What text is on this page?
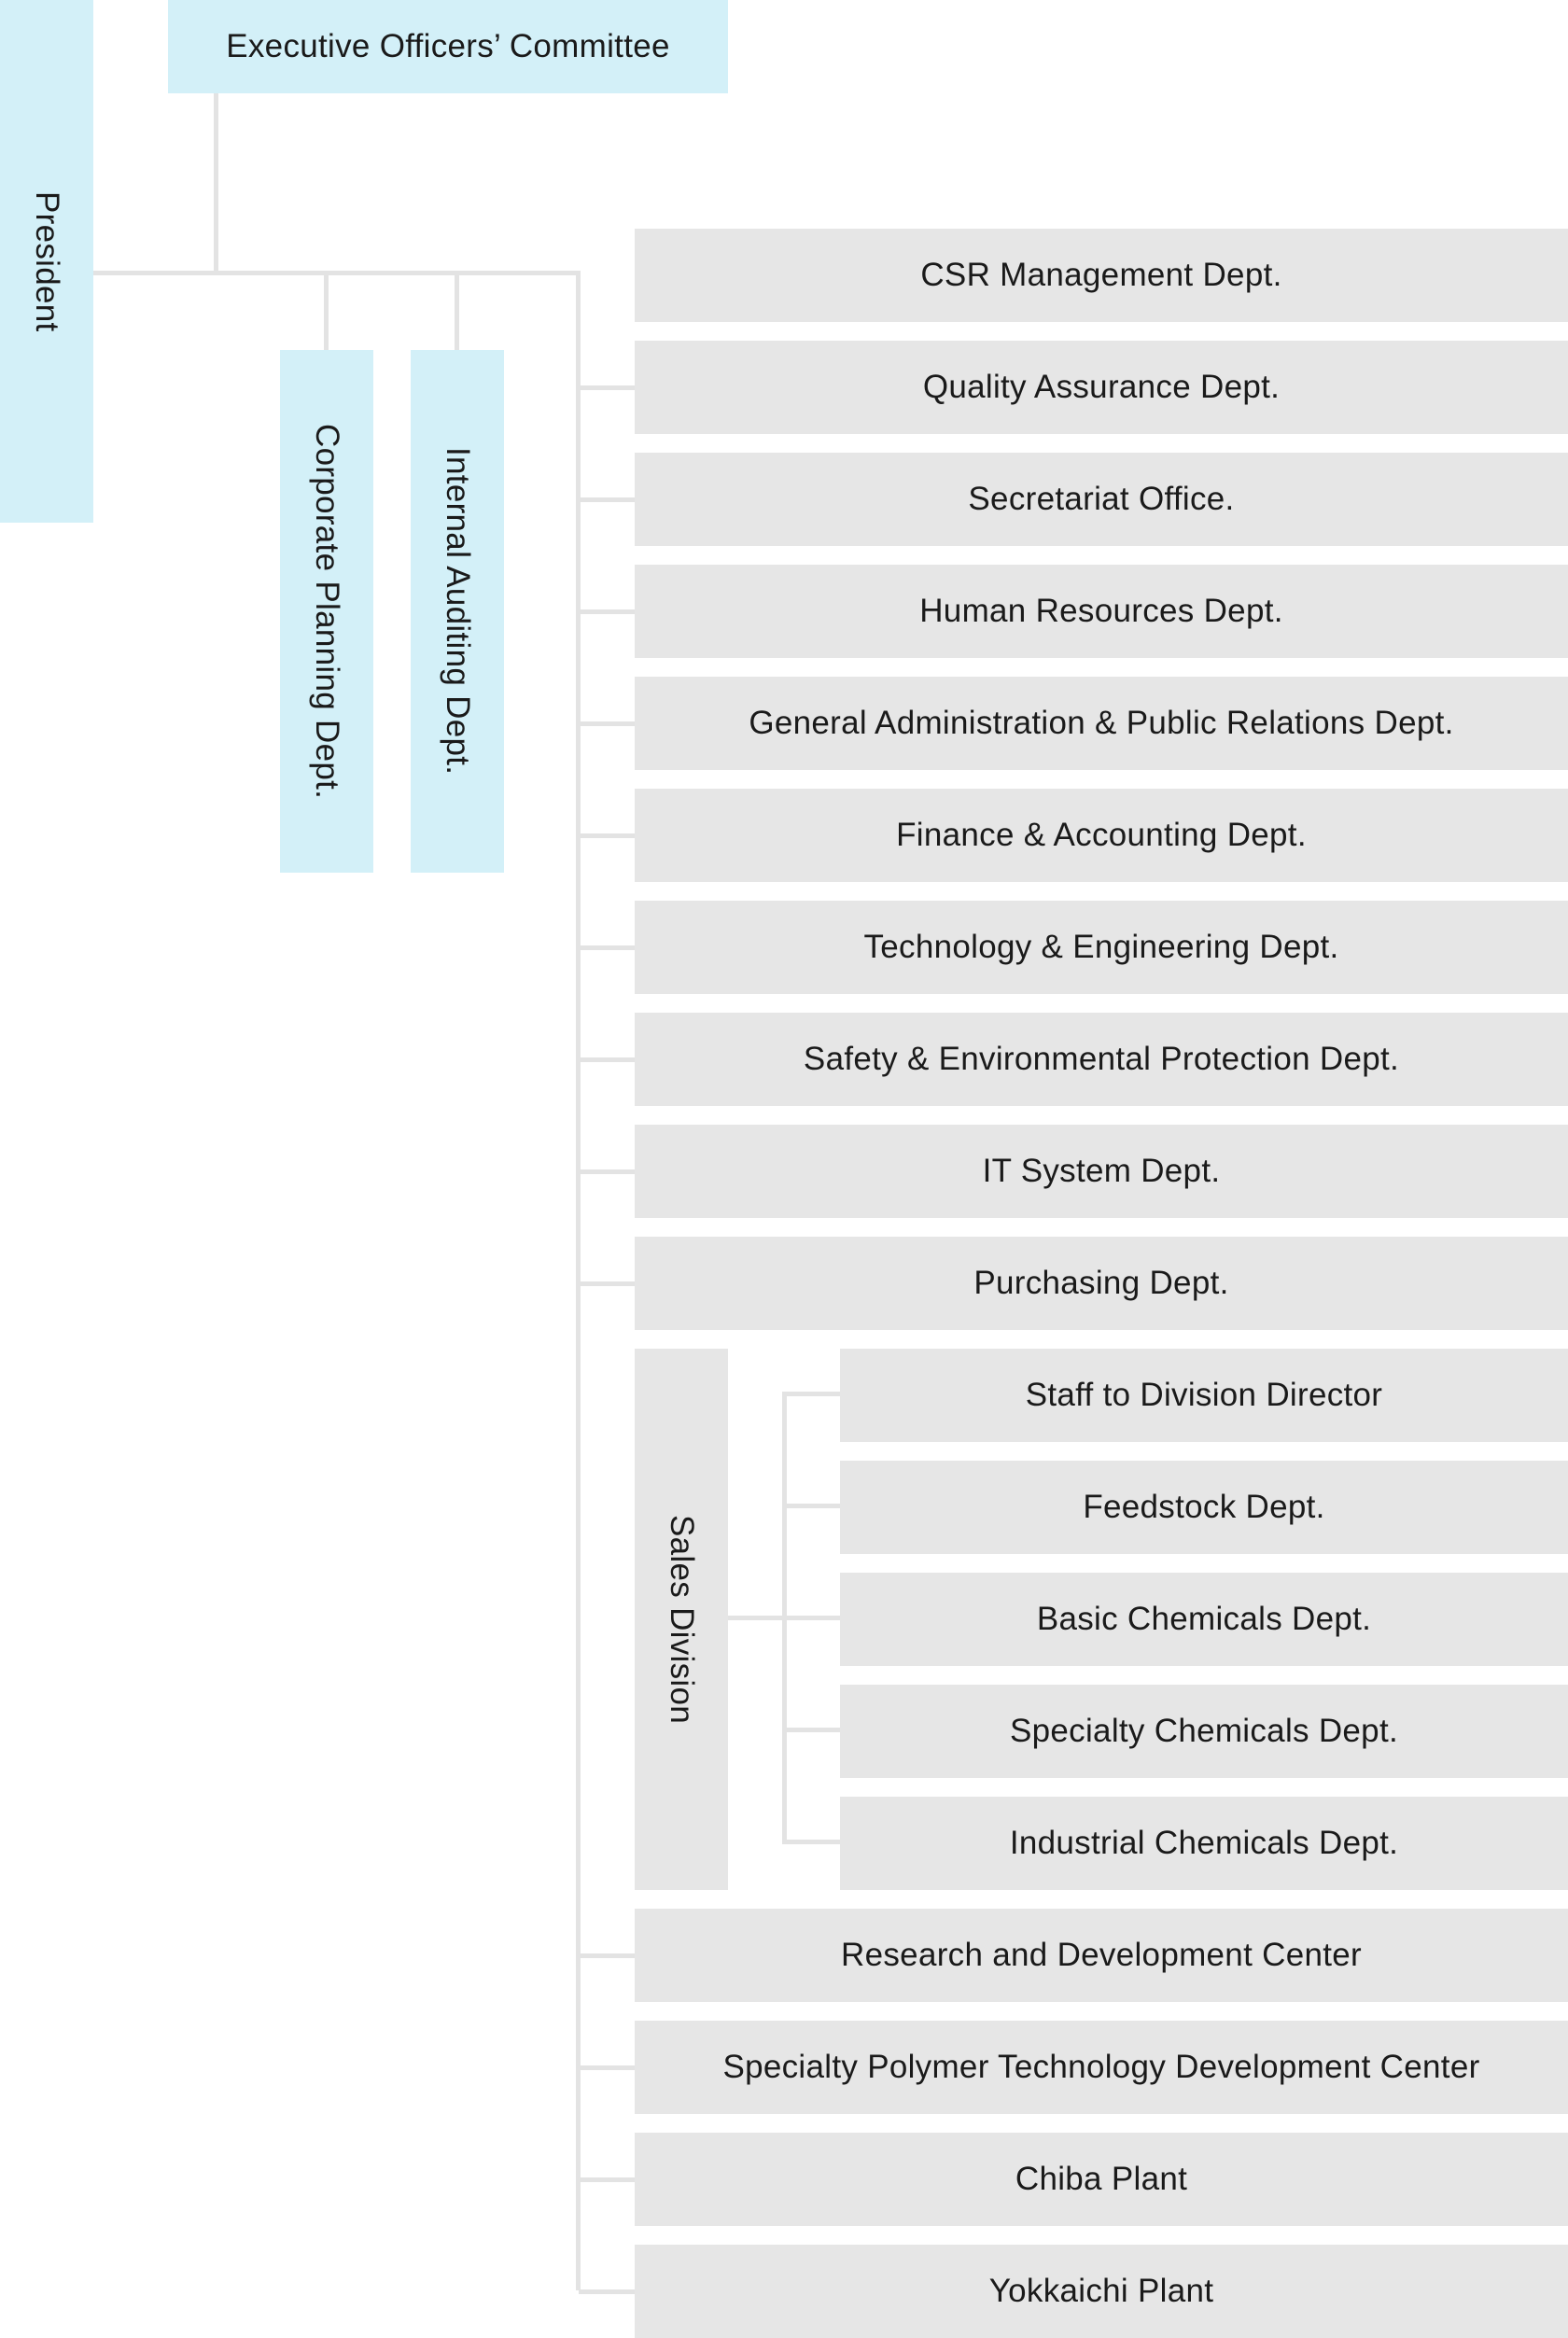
President
Executive Officers’ Committee
Corporate Planning Dept.	Internal Auditing Dept.
CSR Management Dept.
Quality Assurance Dept.
Secretariat Office.
Human Resources Dept.
General Administration & Public Relations Dept.
Finance & Accounting Dept.
Technology & Engineering Dept.
Safety & Environmental Protection Dept.
IT System Dept.
Purchasing Dept.
Sales Division
Staff to Division Director
Feedstock Dept.
Basic Chemicals Dept.
Specialty Chemicals Dept.
Industrial Chemicals Dept.
Research and Development Center
Specialty Polymer Technology Development Center
Chiba Plant
Yokkaichi Plant
